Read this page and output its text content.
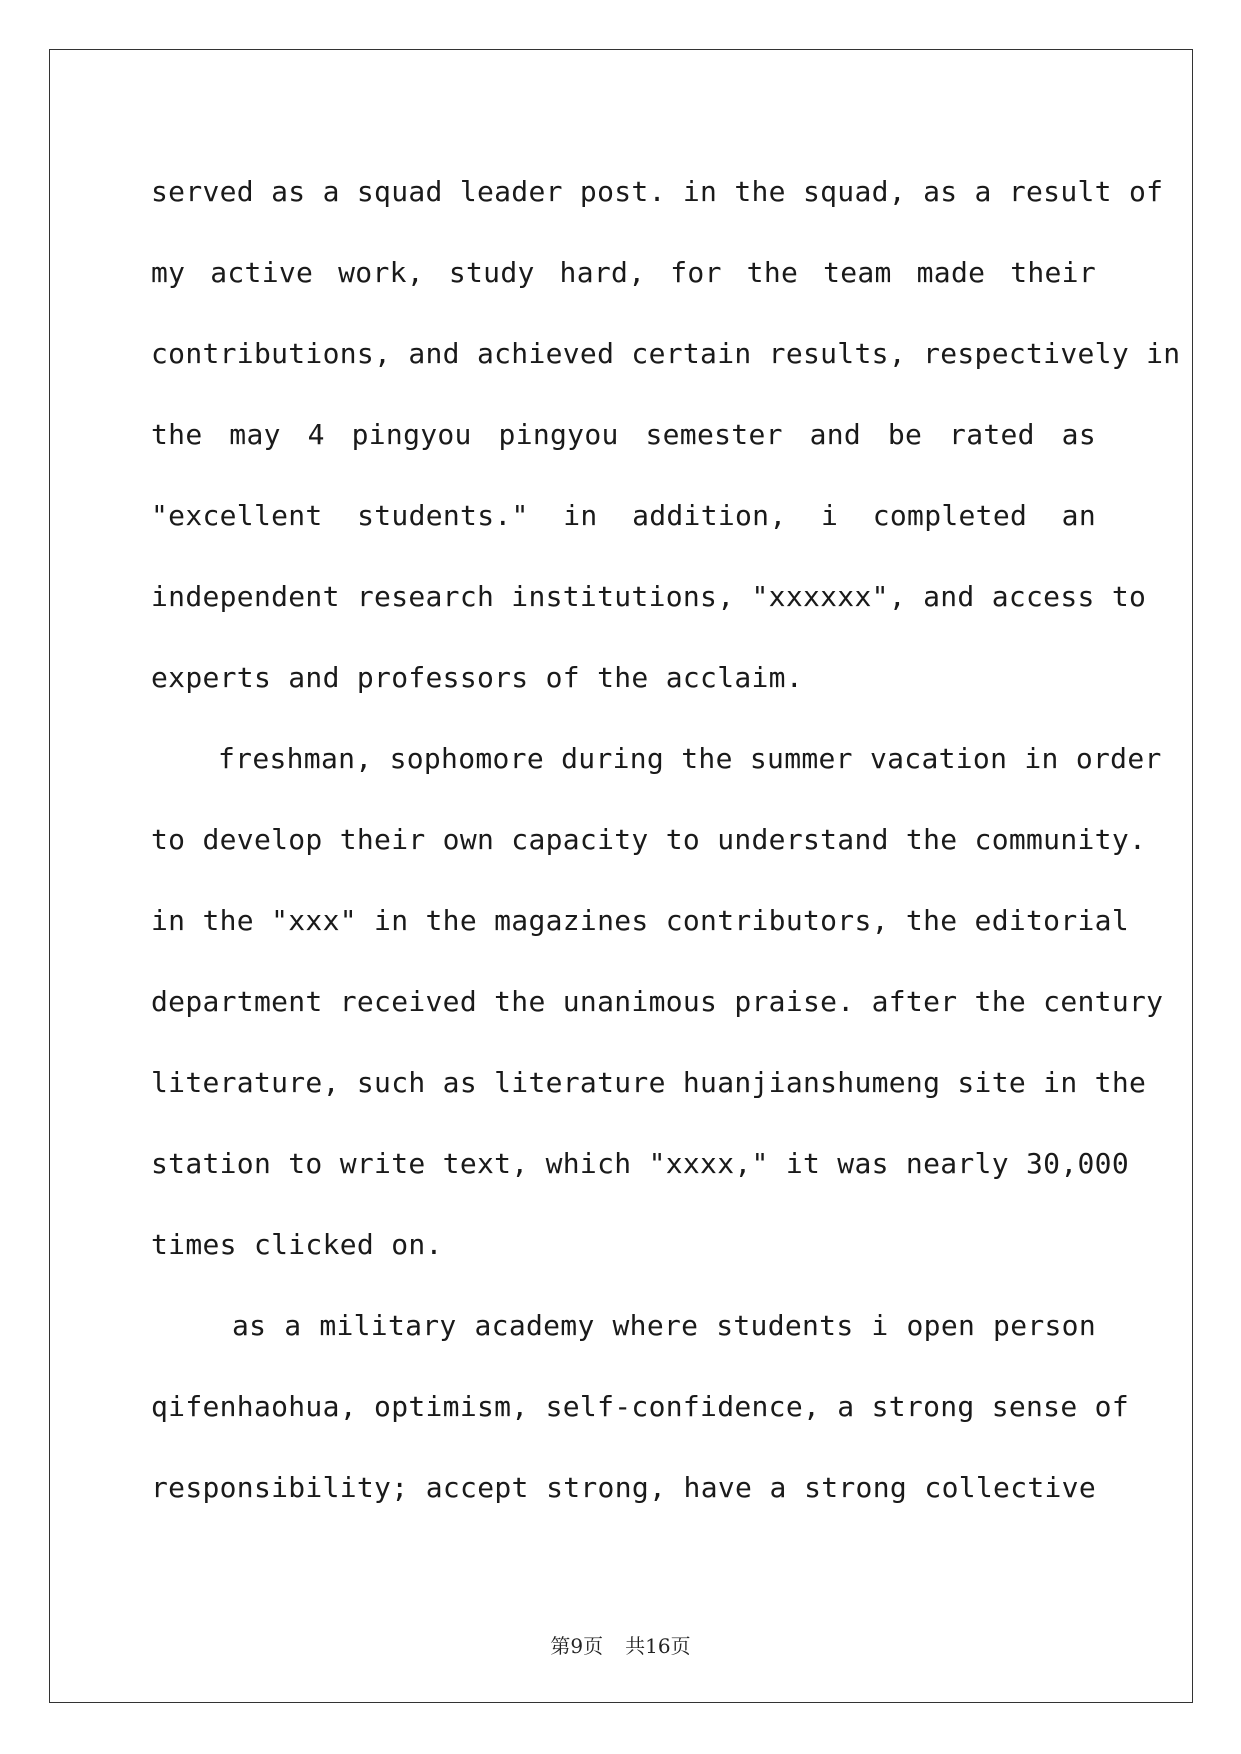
served as a squad leader post. in the squad, as a result of
my active work, study hard, for the team made their
contributions, and achieved certain results, respectively in
the may 4 pingyou pingyou semester and be rated as
"excellent students." in addition, i completed an
independent research institutions, "xxxxxx", and access to
experts and professors of the acclaim.
freshman, sophomore during the summer vacation in order
to develop their own capacity to understand the community.
in the "xxx" in the magazines contributors, the editorial
department received the unanimous praise. after the century
literature, such as literature huanjianshumeng site in the
station to write text, which "xxxx," it was nearly 30,000
times clicked on.
as a military academy where students i open person
qifenhaohua, optimism, self-confidence, a strong sense of
responsibility; accept strong, have a strong collective
第9页 共16页
